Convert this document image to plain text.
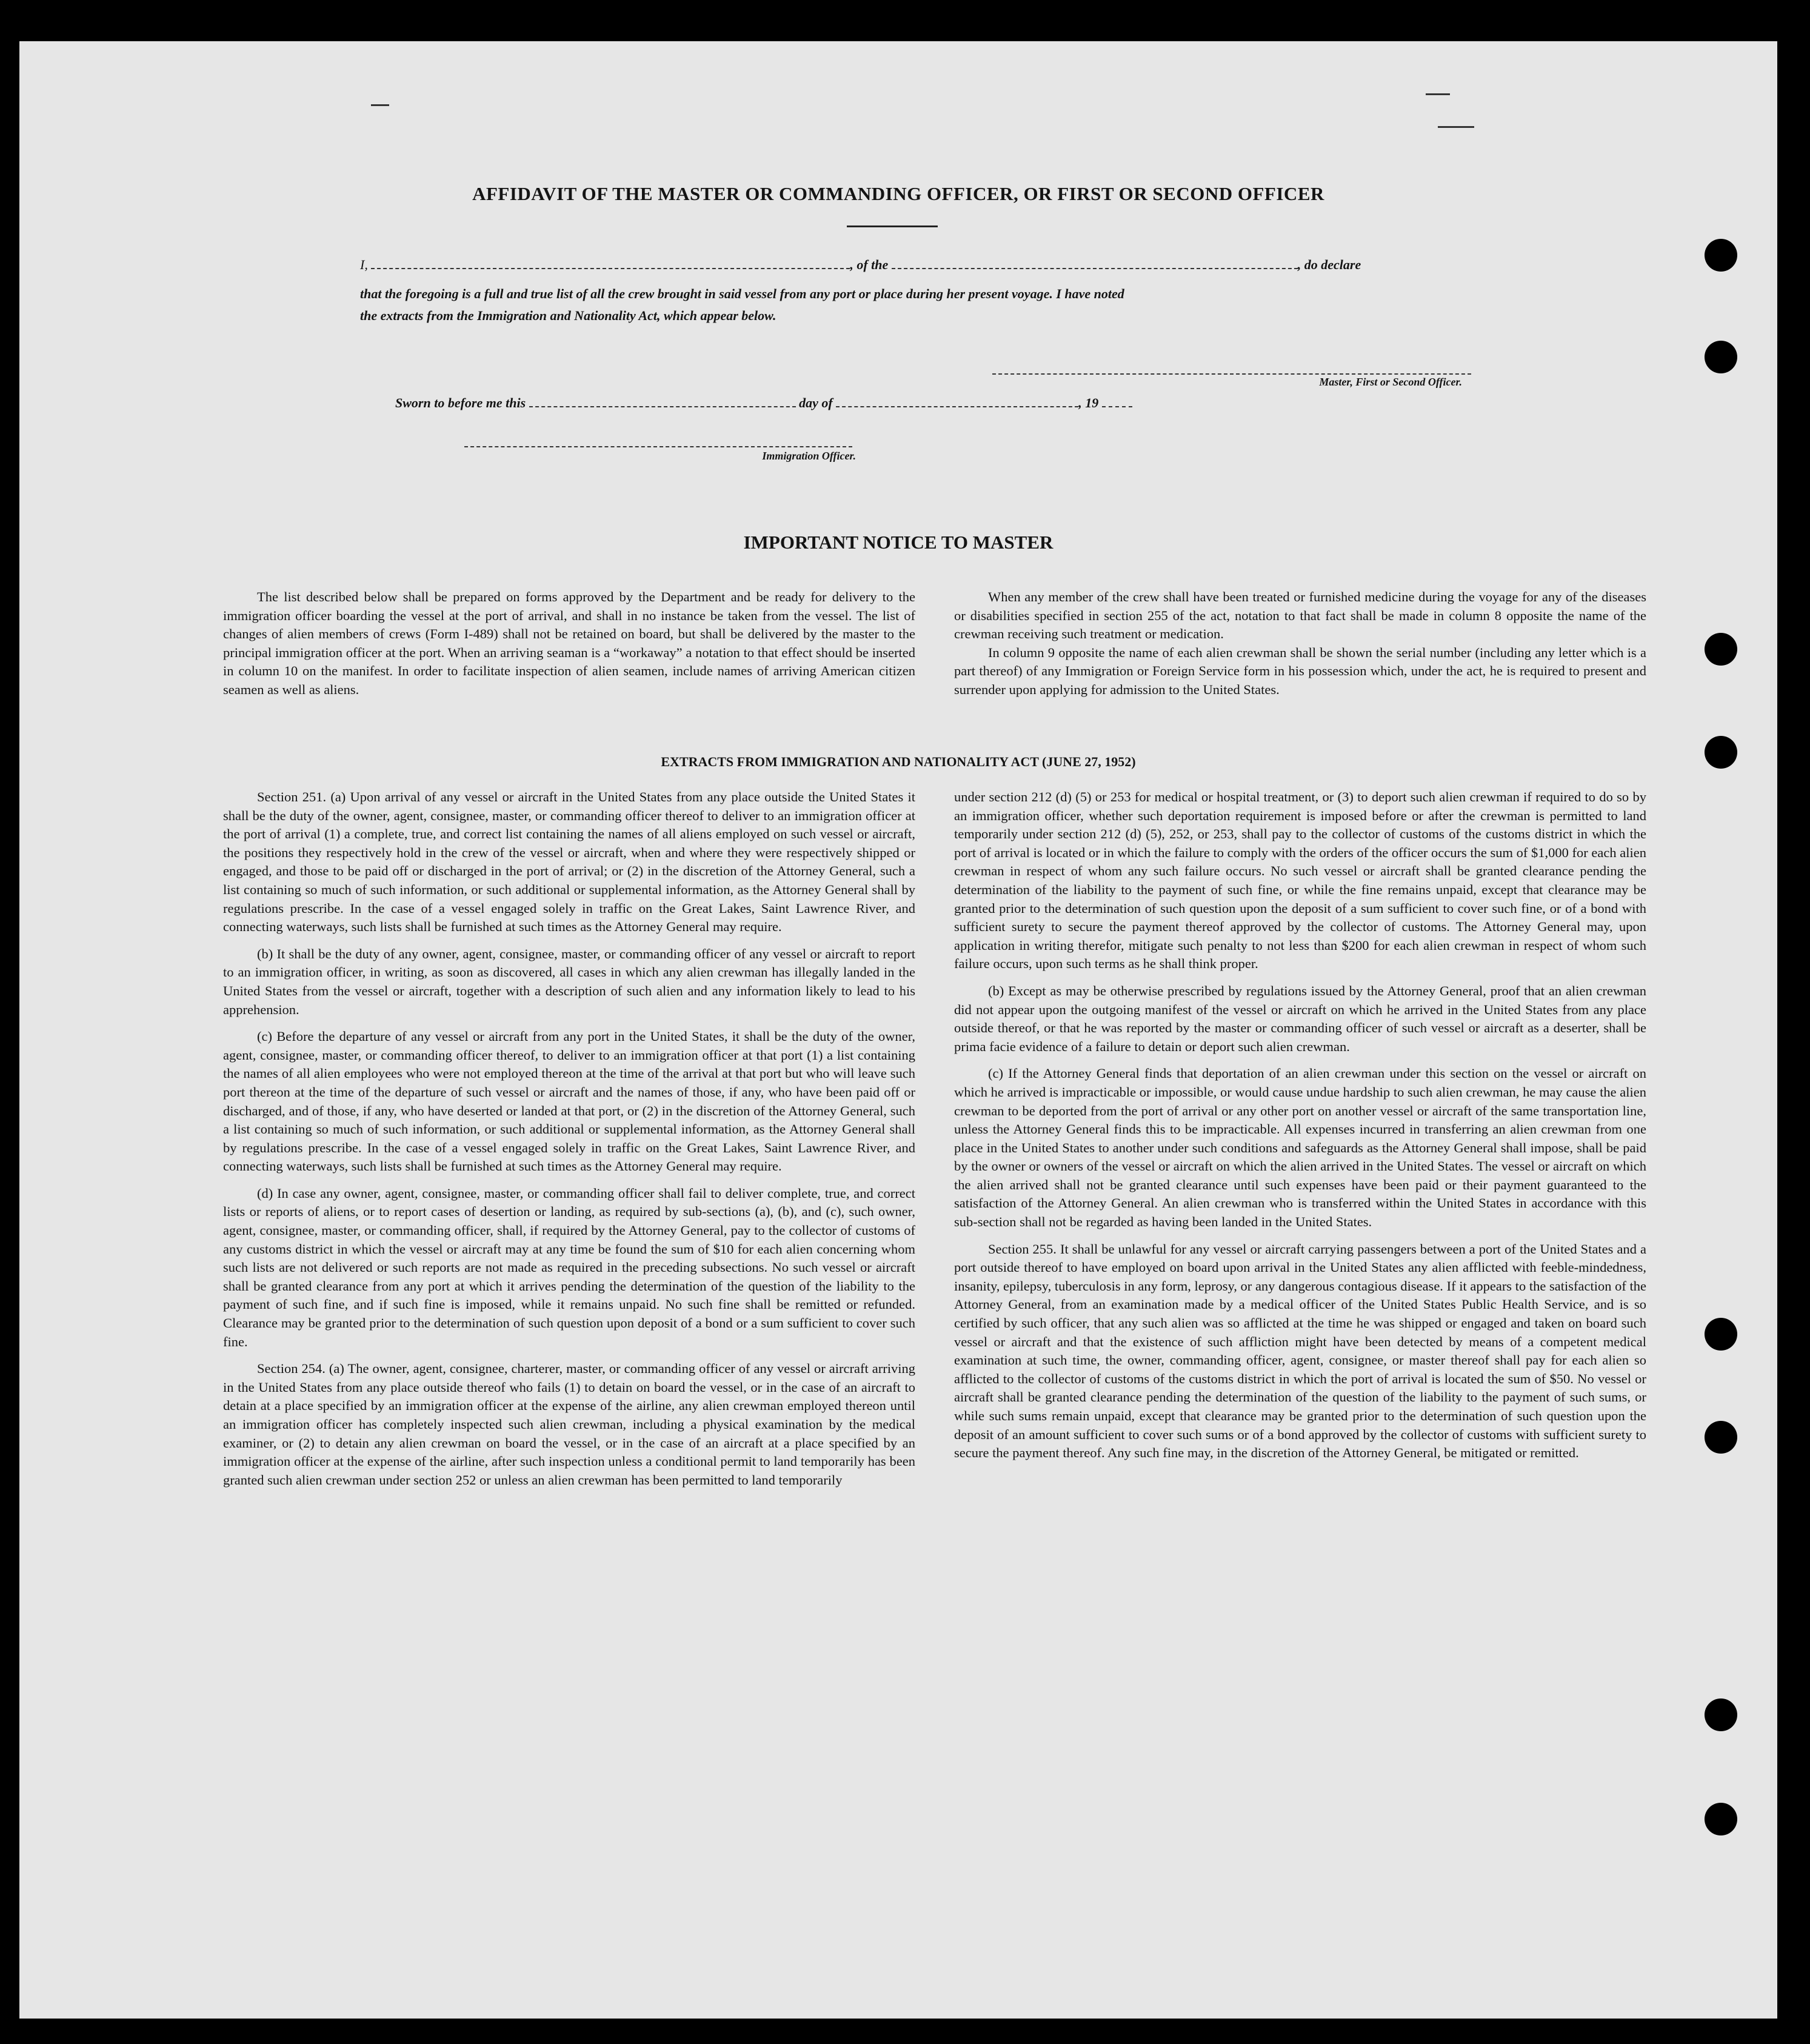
AFFIDAVIT OF THE MASTER OR COMMANDING OFFICER, OR FIRST OR SECOND OFFICER
I,	, of the	, do declare
that the foregoing is a full and true list of all the crew brought in said vessel from any port or place during her present voyage. I have noted
the extracts from the Immigration and Nationality Act, which appear below.
Master, First or Second Officer.
Sworn to before me this	day of	, 19
Immigration Officer.
IMPORTANT NOTICE TO MASTER

The list described below shall be prepared on forms approved by the Department and be ready for delivery to the immigration officer boarding the vessel at the port of arrival, and shall in no instance be taken from the vessel. The list of changes of alien members of crews (Form I-489) shall not be retained on board, but shall be delivered by the master to the principal immigration officer at the port. When an arriving seaman is a “workaway” a notation to that effect should be inserted in column 10 on the manifest. In order to facilitate inspection of alien seamen, include names of arriving American citizen seamen as well as aliens.

When any member of the crew shall have been treated or furnished medicine during the voyage for any of the diseases or disabilities specified in section 255 of the act, notation to that fact shall be made in column 8 opposite the name of the crewman receiving such treatment or medication.

In column 9 opposite the name of each alien crewman shall be shown the serial number (including any letter which is a part thereof) of any Immigration or Foreign Service form in his possession which, under the act, he is required to present and surrender upon applying for admission to the United States.

EXTRACTS FROM IMMIGRATION AND NATIONALITY ACT (JUNE 27, 1952)

Section 251. (a) Upon arrival of any vessel or aircraft in the United States from any place outside the United States it shall be the duty of the owner, agent, consignee, master, or commanding officer thereof to deliver to an immigration officer at the port of arrival (1) a complete, true, and correct list containing the names of all aliens employed on such vessel or aircraft, the positions they respectively hold in the crew of the vessel or aircraft, when and where they were respectively shipped or engaged, and those to be paid off or discharged in the port of arrival; or (2) in the discretion of the Attorney General, such a list containing so much of such information, or such additional or supplemental information, as the Attorney General shall by regulations prescribe. In the case of a vessel engaged solely in traffic on the Great Lakes, Saint Lawrence River, and connecting waterways, such lists shall be furnished at such times as the Attorney General may require.

(b) It shall be the duty of any owner, agent, consignee, master, or commanding officer of any vessel or aircraft to report to an immigration officer, in writing, as soon as discovered, all cases in which any alien crewman has illegally landed in the United States from the vessel or aircraft, together with a description of such alien and any information likely to lead to his apprehension.

(c) Before the departure of any vessel or aircraft from any port in the United States, it shall be the duty of the owner, agent, consignee, master, or commanding officer thereof, to deliver to an immigration officer at that port (1) a list containing the names of all alien employees who were not employed thereon at the time of the arrival at that port but who will leave such port thereon at the time of the departure of such vessel or aircraft and the names of those, if any, who have been paid off or discharged, and of those, if any, who have deserted or landed at that port, or (2) in the discretion of the Attorney General, such a list containing so much of such information, or such additional or supplemental information, as the Attorney General shall by regulations prescribe. In the case of a vessel engaged solely in traffic on the Great Lakes, Saint Lawrence River, and connecting waterways, such lists shall be furnished at such times as the Attorney General may require.

(d) In case any owner, agent, consignee, master, or commanding officer shall fail to deliver complete, true, and correct lists or reports of aliens, or to report cases of desertion or landing, as required by sub-sections (a), (b), and (c), such owner, agent, consignee, master, or commanding officer, shall, if required by the Attorney General, pay to the collector of customs of any customs district in which the vessel or aircraft may at any time be found the sum of $10 for each alien concerning whom such lists are not delivered or such reports are not made as required in the preceding subsections. No such vessel or aircraft shall be granted clearance from any port at which it arrives pending the determination of the question of the liability to the payment of such fine, and if such fine is imposed, while it remains unpaid. No such fine shall be remitted or refunded. Clearance may be granted prior to the determination of such question upon deposit of a bond or a sum sufficient to cover such fine.

Section 254. (a) The owner, agent, consignee, charterer, master, or commanding officer of any vessel or aircraft arriving in the United States from any place outside thereof who fails (1) to detain on board the vessel, or in the case of an aircraft to detain at a place specified by an immigration officer at the expense of the airline, any alien crewman employed thereon until an immigration officer has completely inspected such alien crewman, including a physical examination by the medical examiner, or (2) to detain any alien crewman on board the vessel, or in the case of an aircraft at a place specified by an immigration officer at the expense of the airline, after such inspection unless a conditional permit to land temporarily has been granted such alien crewman under section 252 or unless an alien crewman has been permitted to land temporarily

under section 212 (d) (5) or 253 for medical or hospital treatment, or (3) to deport such alien crewman if required to do so by an immigration officer, whether such deportation requirement is imposed before or after the crewman is permitted to land temporarily under section 212 (d) (5), 252, or 253, shall pay to the collector of customs of the customs district in which the port of arrival is located or in which the failure to comply with the orders of the officer occurs the sum of $1,000 for each alien crewman in respect of whom any such failure occurs. No such vessel or aircraft shall be granted clearance pending the determination of the liability to the payment of such fine, or while the fine remains unpaid, except that clearance may be granted prior to the determination of such question upon the deposit of a sum sufficient to cover such fine, or of a bond with sufficient surety to secure the payment thereof approved by the collector of customs. The Attorney General may, upon application in writing therefor, mitigate such penalty to not less than $200 for each alien crewman in respect of whom such failure occurs, upon such terms as he shall think proper.

(b) Except as may be otherwise prescribed by regulations issued by the Attorney General, proof that an alien crewman did not appear upon the outgoing manifest of the vessel or aircraft on which he arrived in the United States from any place outside thereof, or that he was reported by the master or commanding officer of such vessel or aircraft as a deserter, shall be prima facie evidence of a failure to detain or deport such alien crewman.

(c) If the Attorney General finds that deportation of an alien crewman under this section on the vessel or aircraft on which he arrived is impracticable or impossible, or would cause undue hardship to such alien crewman, he may cause the alien crewman to be deported from the port of arrival or any other port on another vessel or aircraft of the same transportation line, unless the Attorney General finds this to be impracticable. All expenses incurred in transferring an alien crewman from one place in the United States to another under such conditions and safeguards as the Attorney General shall impose, shall be paid by the owner or owners of the vessel or aircraft on which the alien arrived in the United States. The vessel or aircraft on which the alien arrived shall not be granted clearance until such expenses have been paid or their payment guaranteed to the satisfaction of the Attorney General. An alien crewman who is transferred within the United States in accordance with this sub-section shall not be regarded as having been landed in the United States.

Section 255. It shall be unlawful for any vessel or aircraft carrying passengers between a port of the United States and a port outside thereof to have employed on board upon arrival in the United States any alien afflicted with feeble-mindedness, insanity, epilepsy, tuberculosis in any form, leprosy, or any dangerous contagious disease. If it appears to the satisfaction of the Attorney General, from an examination made by a medical officer of the United States Public Health Service, and is so certified by such officer, that any such alien was so afflicted at the time he was shipped or engaged and taken on board such vessel or aircraft and that the existence of such affliction might have been detected by means of a competent medical examination at such time, the owner, commanding officer, agent, consignee, or master thereof shall pay for each alien so afflicted to the collector of customs of the customs district in which the port of arrival is located the sum of $50. No vessel or aircraft shall be granted clearance pending the determination of the question of the liability to the payment of such sums, or while such sums remain unpaid, except that clearance may be granted prior to the determination of such question upon the deposit of an amount sufficient to cover such sums or of a bond approved by the collector of customs with sufficient surety to secure the payment thereof. Any such fine may, in the discretion of the Attorney General, be mitigated or remitted.
